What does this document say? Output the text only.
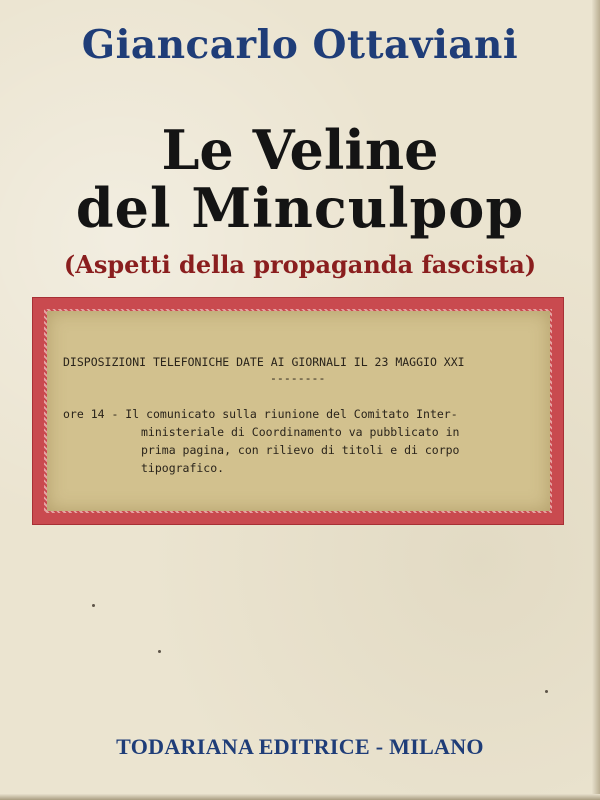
Giancarlo Ottaviani
Le Veline
del Minculpop
(Aspetti della propaganda fascista)
DISPOSIZIONI TELEFONICHE DATE AI GIORNALI IL 23 MAGGIO XXI
--------
ore 14 - Il comunicato sulla riunione del Comitato Inter-
ministeriale di Coordinamento va pubblicato in
prima pagina, con rilievo di titoli e di corpo
tipografico.
TODARIANA EDITRICE - MILANO
